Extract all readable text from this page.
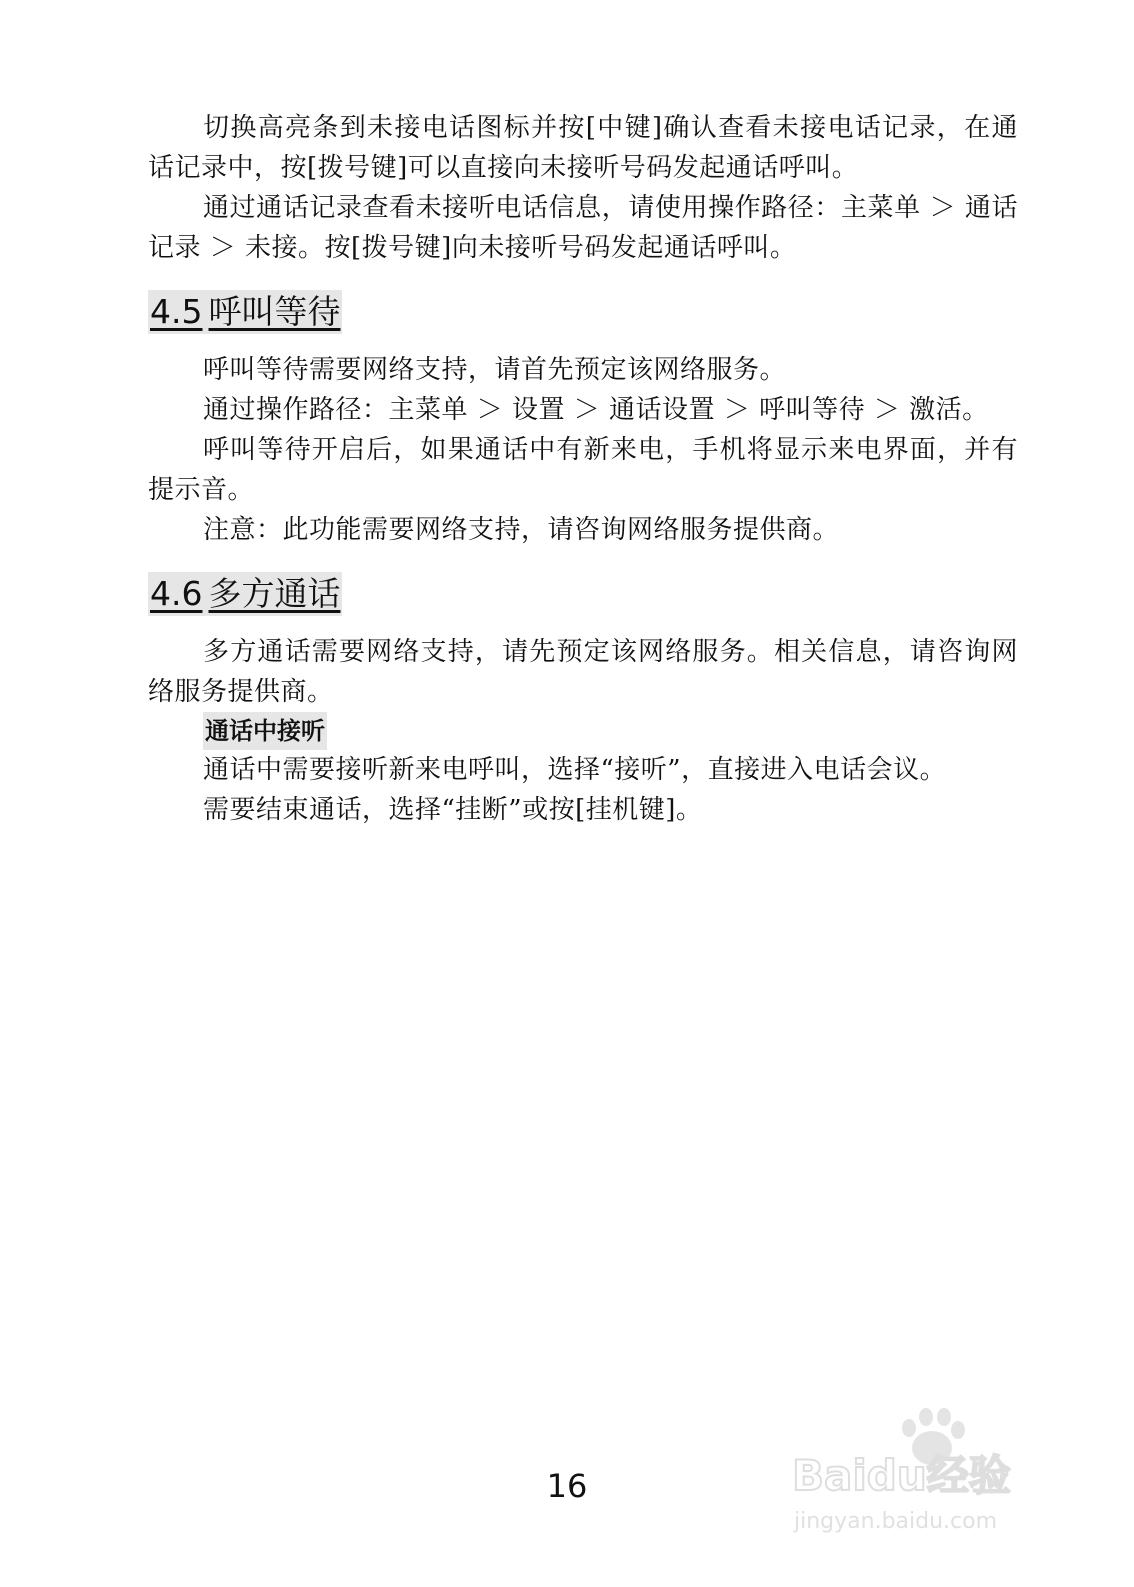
切换高亮条到未接电话图标并按[中键]确认查看未接电话记录，在通话记录中，按[拨号键]可以直接向未接听号码发起通话呼叫。

通过通话记录查看未接听电话信息，请使用操作路径：主菜单 ＞ 通话记录 ＞ 未接。按[拨号键]向未接听号码发起通话呼叫。

4.5 呼叫等待

呼叫等待需要网络支持，请首先预定该网络服务。

通过操作路径：主菜单 ＞ 设置 ＞ 通话设置 ＞ 呼叫等待 ＞ 激活。

呼叫等待开启后，如果通话中有新来电，手机将显示来电界面，并有提示音。

注意：此功能需要网络支持，请咨询网络服务提供商。

4.6 多方通话

多方通话需要网络支持，请先预定该网络服务。相关信息，请咨询网络服务提供商。

通话中接听

通话中需要接听新来电呼叫，选择“接听”，直接进入电话会议。

需要结束通话，选择“挂断”或按[挂机键]。

16	Baidu经验
jingyan.baidu.com
